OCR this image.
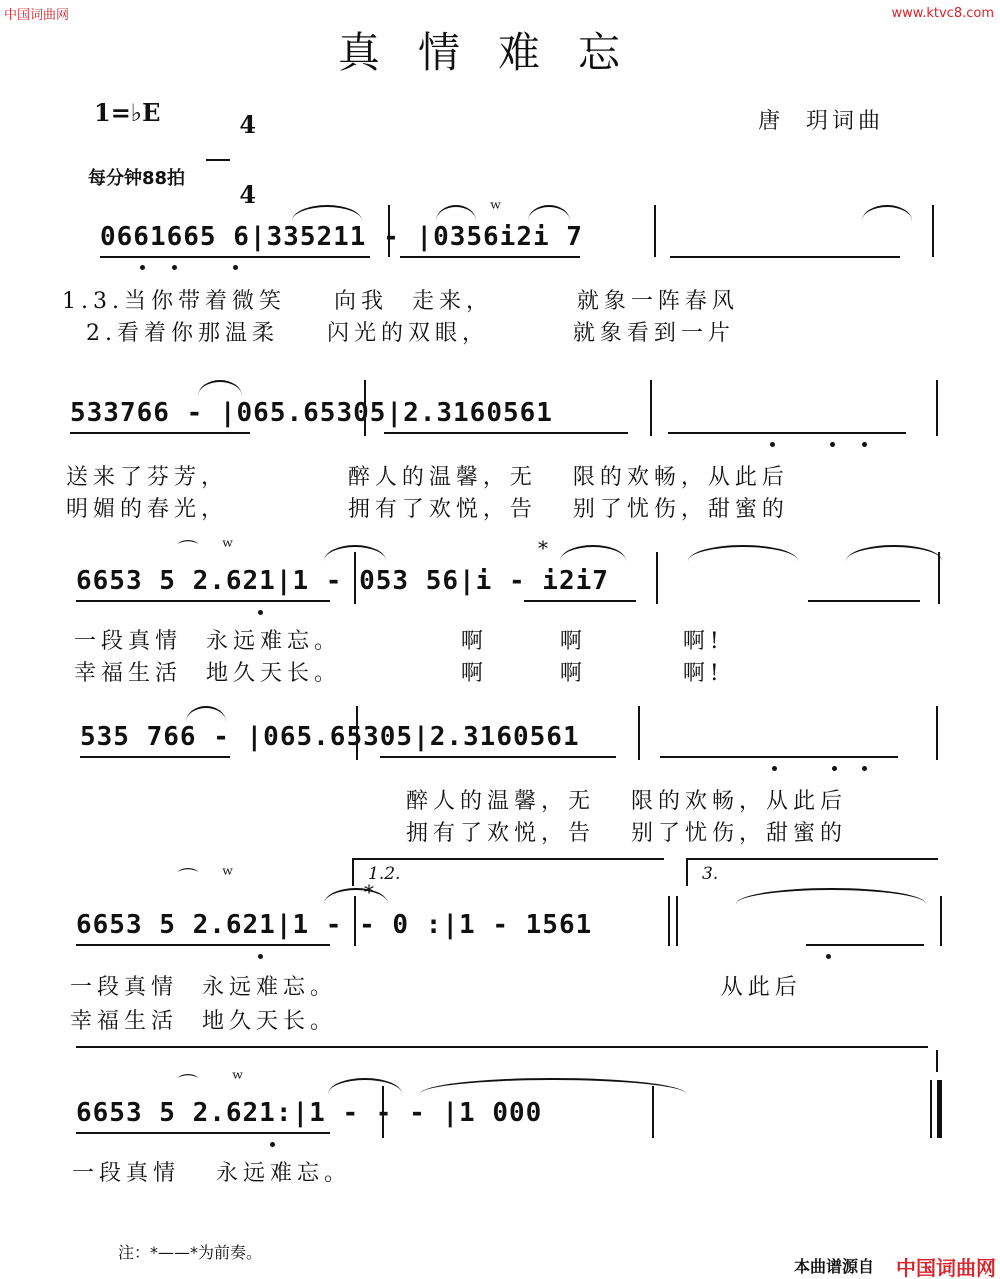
中国词曲网	www.ktvc8.com
真情难忘
1=♭E	4

4

唐  玥词曲
每分钟88拍
ʷ
0661665 6|335211 - |0356i2i 7
1.3.当你带着微笑    向我  走来，       就象一阵春风
2.看着你那温柔    闪光的双眼，       就象看到一片
533766 - |065.65305|2.3160561
送来了芬芳，          醉人的温馨，无   限的欢畅，从此后
明媚的春光，          拥有了欢悦，告   别了忧伤，甜蜜的
⌒ ʷ	*
6653 5 2.621|1 - 053 56|i - i2i7
一段真情  永远难忘。          啊      啊        啊!
幸福生活  地久天长。          啊      啊        啊!
535 766 - |065.65305|2.3160561
醉人的温馨，无   限的欢畅，从此后
拥有了欢悦，告   别了忧伤，甜蜜的
1.2.	3.
⌒ ʷ
*
6653 5 2.621|1 - - 0 :|1 - 1561
一段真情  永远难忘。                                从此后
幸福生活  地久天长。
⌒ ʷ
6653 5 2.621:|1 - - - |1 000
一段真情   永远难忘。
注：*——*为前奏。
本曲谱源自 中国词曲网
